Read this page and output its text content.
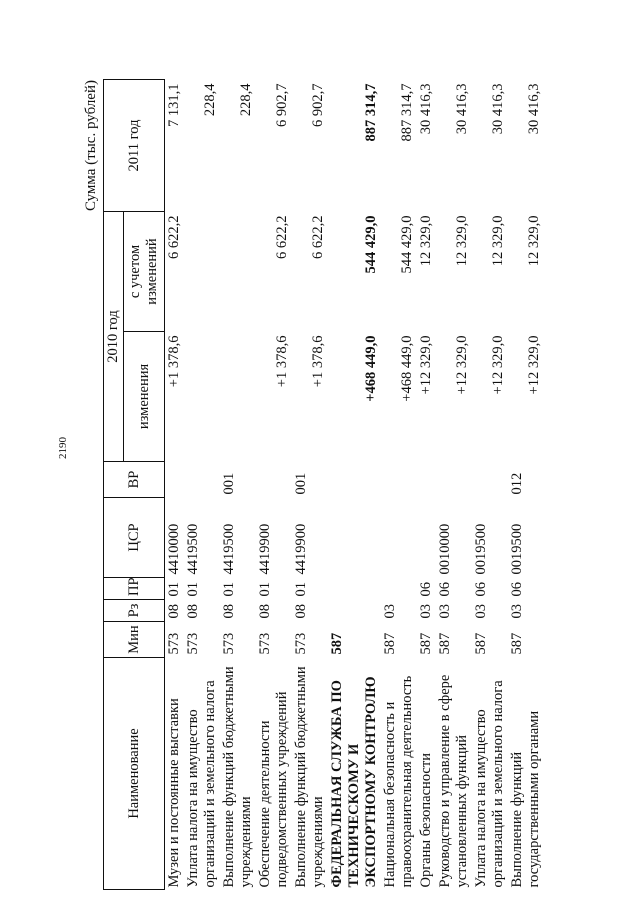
2190
Сумма (тыс. рублей)
Наименование	Мин	Рз	ПР	ЦСР	ВР	2010 год		2011 год

						изменения	с учетом изменений	
Музеи и постоянные выставки	573	08	01	4410000		+1 378,6	6 622,2	7 131,1
Уплата налога на имущество организаций и земельного налога	573	08	01	4419500				228,4
Выполнение функций бюджетными учреждениями	573	08	01	4419500	001			228,4
Обеспечение деятельности подведомственных учреждений	573	08	01	4419900		+1 378,6	6 622,2	6 902,7
Выполнение функций бюджетными учреждениями	573	08	01	4419900	001	+1 378,6	6 622,2	6 902,7
ФЕДЕРАЛЬНАЯ СЛУЖБА ПО ТЕХНИЧЕСКОМУ И ЭКСПОРТНОМУ КОНТРОЛЮ	587					+468 449,0	544 429,0	887 314,7
Национальная безопасность и правоохранительная деятельность	587	03				+468 449,0	544 429,0	887 314,7
Органы безопасности	587	03	06			+12 329,0	12 329,0	30 416,3
Руководство и управление в сфере установленных функций	587	03	06	0010000		+12 329,0	12 329,0	30 416,3
Уплата налога на имущество организаций и земельного налога	587	03	06	0019500		+12 329,0	12 329,0	30 416,3
Выполнение функций государственными органами	587	03	06	0019500	012	+12 329,0	12 329,0	30 416,3
